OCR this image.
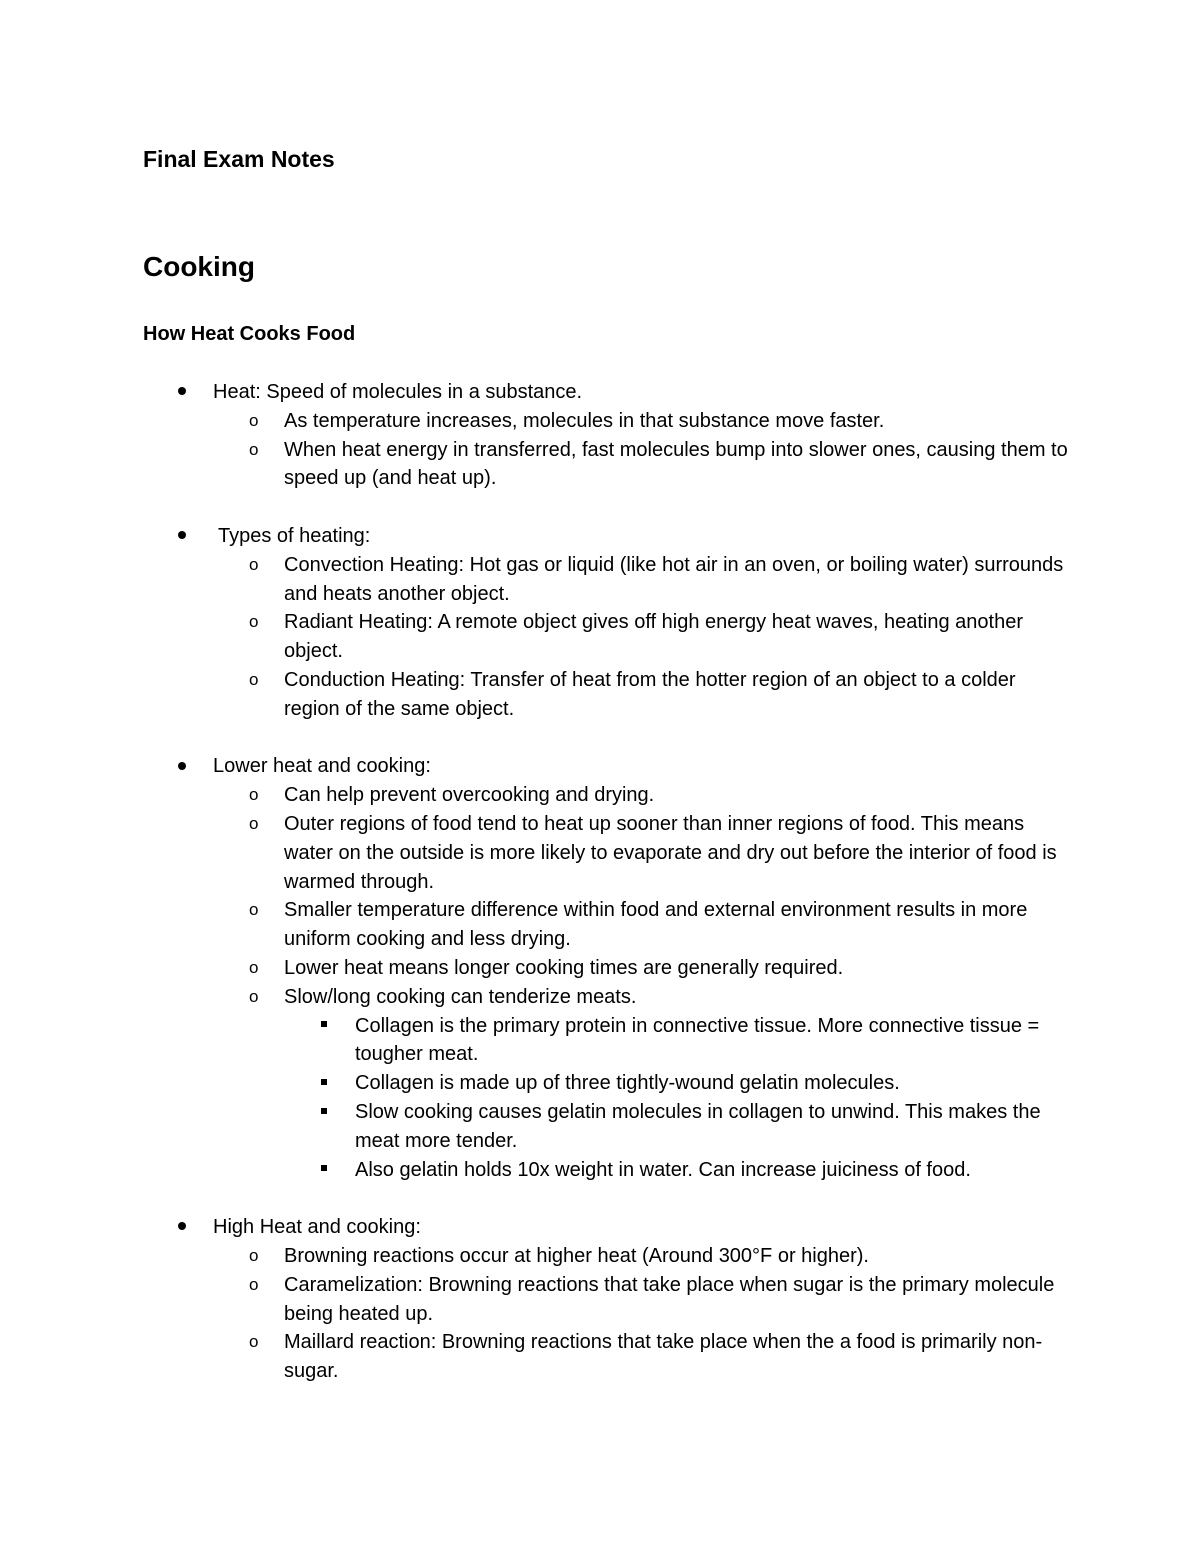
Final Exam Notes
Cooking
How Heat Cooks Food
Heat: Speed of molecules in a substance.
o As temperature increases, molecules in that substance move faster.
o When heat energy in transferred, fast molecules bump into slower ones, causing them to speed up (and heat up).
Types of heating:
o Convection Heating: Hot gas or liquid (like hot air in an oven, or boiling water) surrounds and heats another object.
o Radiant Heating: A remote object gives off high energy heat waves, heating another object.
o Conduction Heating: Transfer of heat from the hotter region of an object to a colder region of the same object.
Lower heat and cooking:
o Can help prevent overcooking and drying.
o Outer regions of food tend to heat up sooner than inner regions of food. This means water on the outside is more likely to evaporate and dry out before the interior of food is warmed through.
o Smaller temperature difference within food and external environment results in more uniform cooking and less drying.
o Lower heat means longer cooking times are generally required.
o Slow/long cooking can tenderize meats.
Collagen is the primary protein in connective tissue. More connective tissue = tougher meat.
Collagen is made up of three tightly-wound gelatin molecules.
Slow cooking causes gelatin molecules in collagen to unwind. This makes the meat more tender.
Also gelatin holds 10x weight in water. Can increase juiciness of food.
High Heat and cooking:
o Browning reactions occur at higher heat (Around 300°F or higher).
o Caramelization: Browning reactions that take place when sugar is the primary molecule being heated up.
o Maillard reaction: Browning reactions that take place when the a food is primarily non-sugar.
